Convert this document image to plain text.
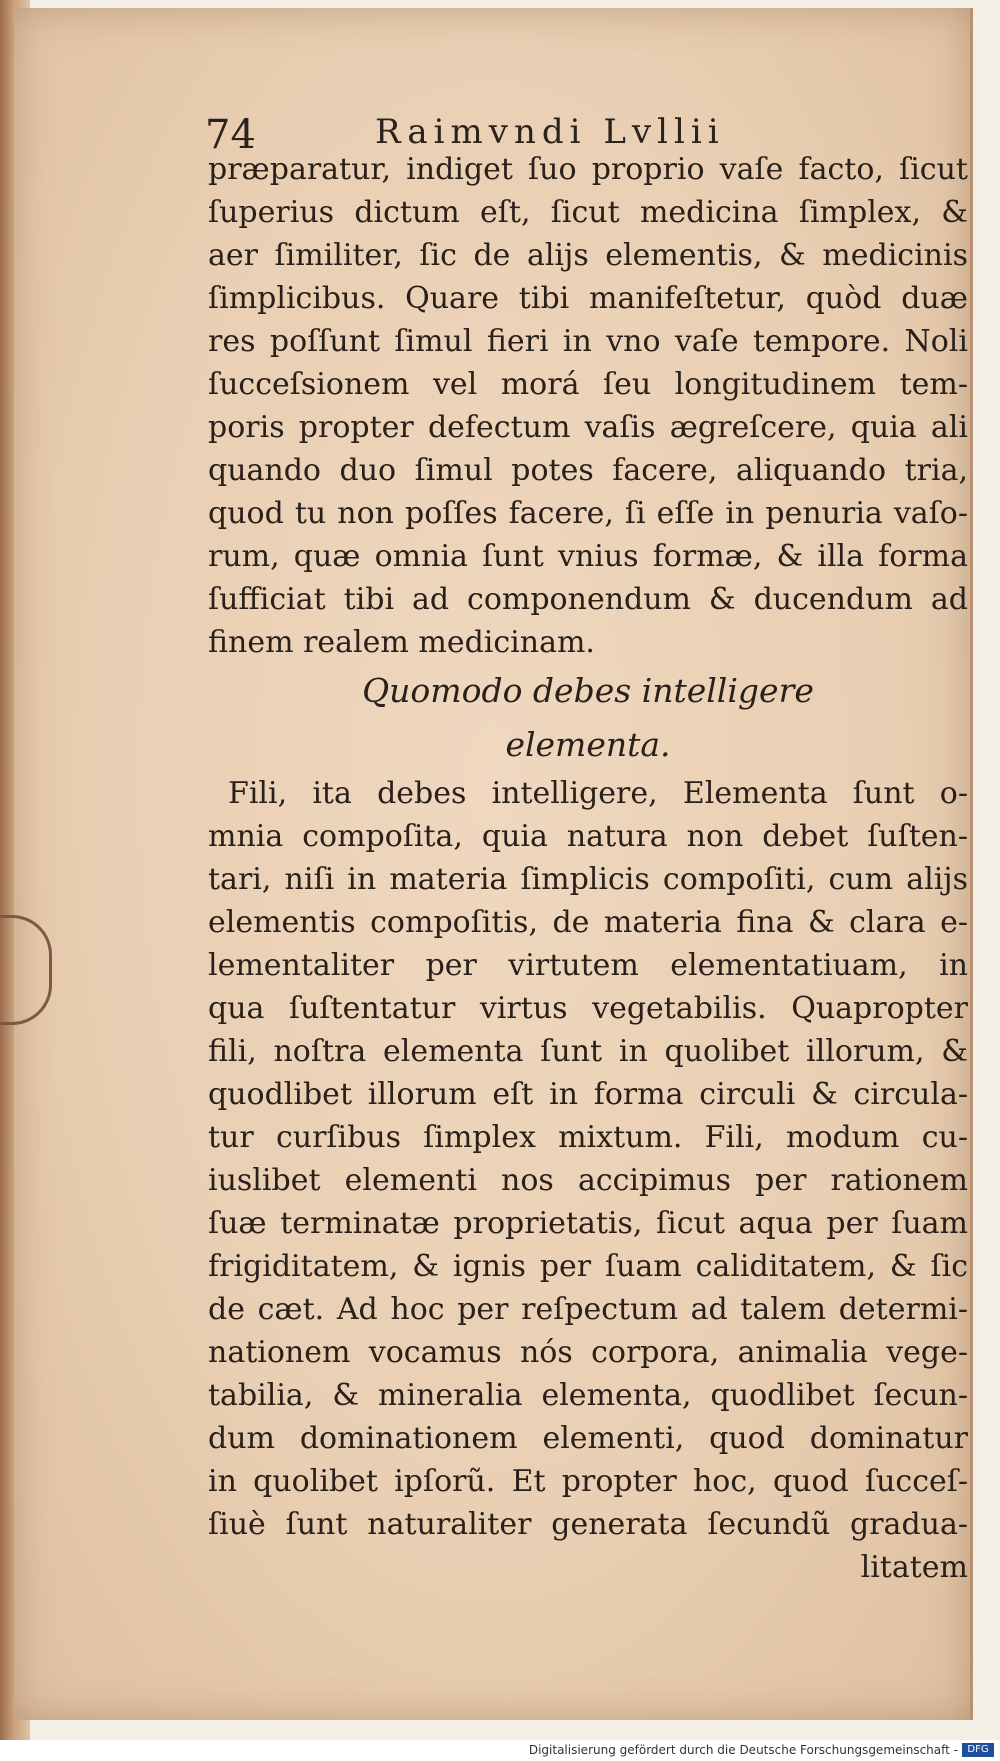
74	Raimvndi Lvllii
præparatur, indiget ſuo proprio vaſe facto, ſicut
ſuperius dictum eſt, ſicut medicina ſimplex, &
aer ſimiliter, ſic de alijs elementis, & medicinis
ſimplicibus. Quare tibi manifeſtetur, quòd duæ
res poſſunt ſimul fieri in vno vaſe tempore. Noli
ſucceſsionem vel morá ſeu longitudinem tem-
poris propter defectum vaſis ægreſcere, quia ali
quando duo ſimul potes facere, aliquando tria,
quod tu non poſſes facere, ſi eſſe in penuria vaſo-
rum, quæ omnia ſunt vnius formæ, & illa forma
ſufficiat tibi ad componendum & ducendum ad
finem realem medicinam.
Quomodo debes intelligere
elementa.
Fili, ita debes intelligere, Elementa ſunt o-
mnia compoſita, quia natura non debet ſuſten-
tari, niſi in materia ſimplicis compoſiti, cum alijs
elementis compoſitis, de materia fina & clara e-
lementaliter per virtutem elementatiuam, in
qua ſuſtentatur virtus vegetabilis. Quapropter
fili, noſtra elementa ſunt in quolibet illorum, &
quodlibet illorum eſt in forma circuli & circula-
tur curſibus ſimplex mixtum. Fili, modum cu-
iuslibet elementi nos accipimus per rationem
ſuæ terminatæ proprietatis, ſicut aqua per ſuam
frigiditatem, & ignis per ſuam caliditatem, & ſic
de cæt. Ad hoc per reſpectum ad talem determi-
nationem vocamus nós corpora, animalia vege-
tabilia, & mineralia elementa, quodlibet ſecun-
dum dominationem elementi, quod dominatur
in quolibet ipſorũ. Et propter hoc, quod ſucceſ-
ſiuè ſunt naturaliter generata ſecundũ gradua-
litatem
Digitalisierung gefördert durch die Deutsche Forschungsgemeinschaft - DFG
